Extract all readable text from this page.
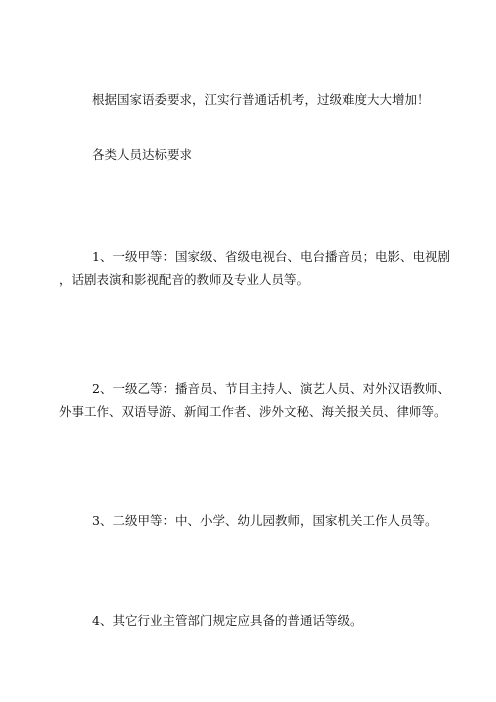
根据国家语委要求，江实行普通话机考，过级难度大大增加！

各类人员达标要求

1、一级甲等：国家级、省级电视台、电台播音员；电影、电视剧

，话剧表演和影视配音的教师及专业人员等。

2、一级乙等：播音员、节目主持人、演艺人员、对外汉语教师、

外事工作、双语导游、新闻工作者、涉外文秘、海关报关员、律师等。

3、二级甲等：中、小学、幼儿园教师，国家机关工作人员等。

4、其它行业主管部门规定应具备的普通话等级。
